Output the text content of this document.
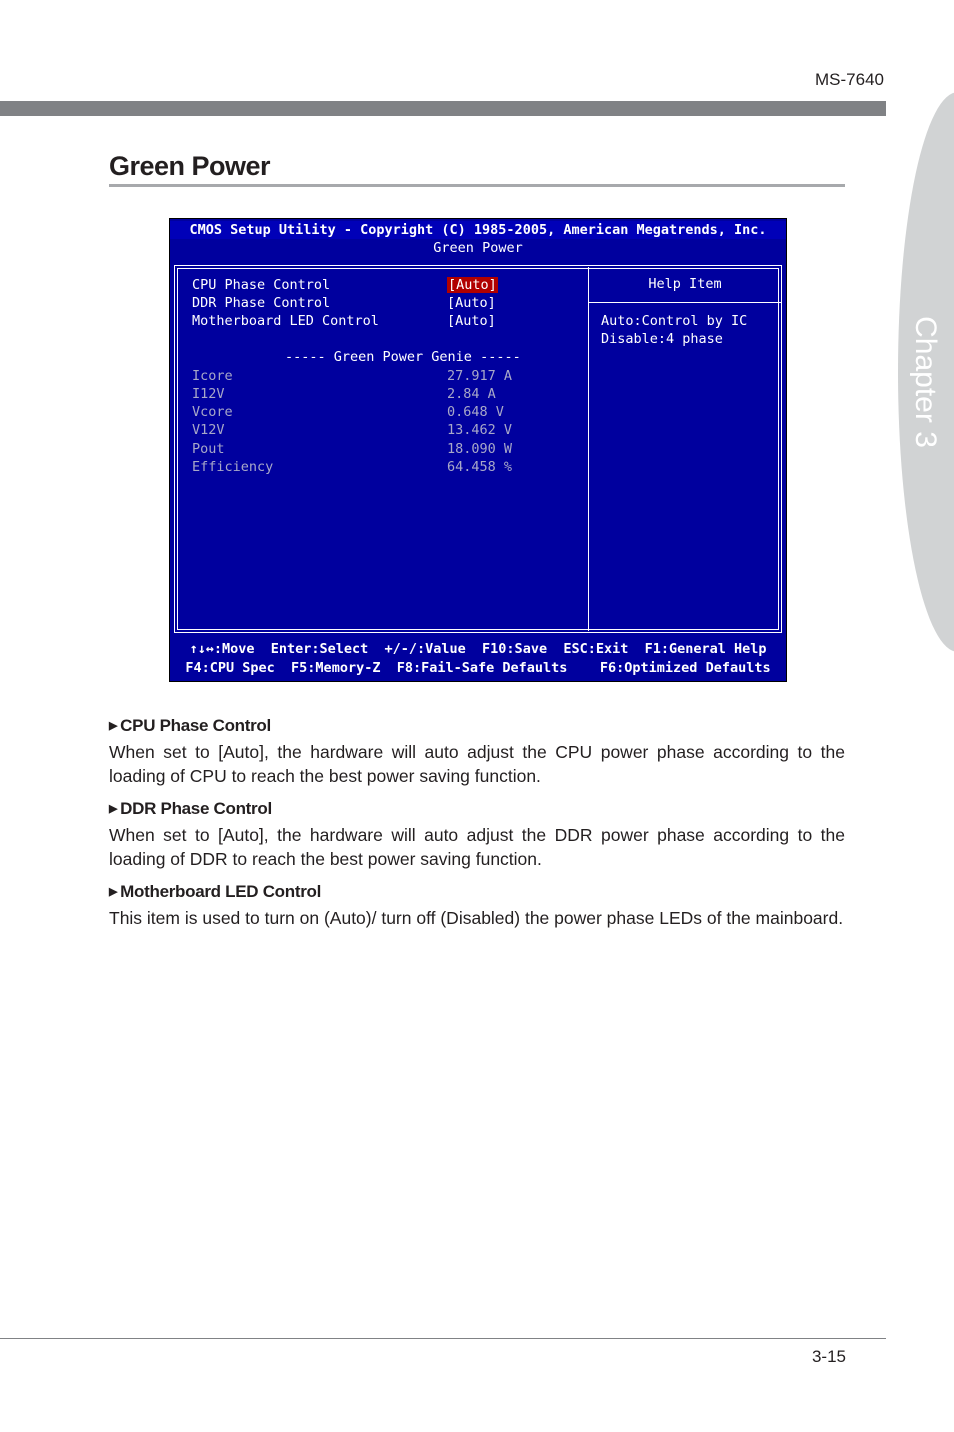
MS-7640
Chapter 3
Green Power
CMOS Setup Utility - Copyright (C) 1985-2005, American Megatrends, Inc.
Green Power
CPU Phase Control	[Auto]
DDR Phase Control	[Auto]
Motherboard LED Control	[Auto]
----- Green Power Genie -----
Icore	27.917 A
I12V	2.84 A
Vcore	0.648 V
V12V	13.462 V
Pout	18.090 W
Efficiency	64.458 %
Help Item
Auto:Control by IC
Disable:4 phase
↑↓↔:Move  Enter:Select  +/-/:Value  F10:Save  ESC:Exit  F1:General Help
F4:CPU Spec  F5:Memory-Z  F8:Fail-Safe Defaults    F6:Optimized Defaults
▶ CPU Phase Control
When set to [Auto], the hardware will auto adjust the CPU power phase according to the loading of CPU to reach the best power saving function.
▶ DDR Phase Control
When set to [Auto], the hardware will auto adjust the DDR power phase according to the loading of DDR to reach the best power saving function.
▶ Motherboard LED Control
This item is used to turn on (Auto)/ turn off (Disabled) the power phase LEDs of the mainboard.
3-15
